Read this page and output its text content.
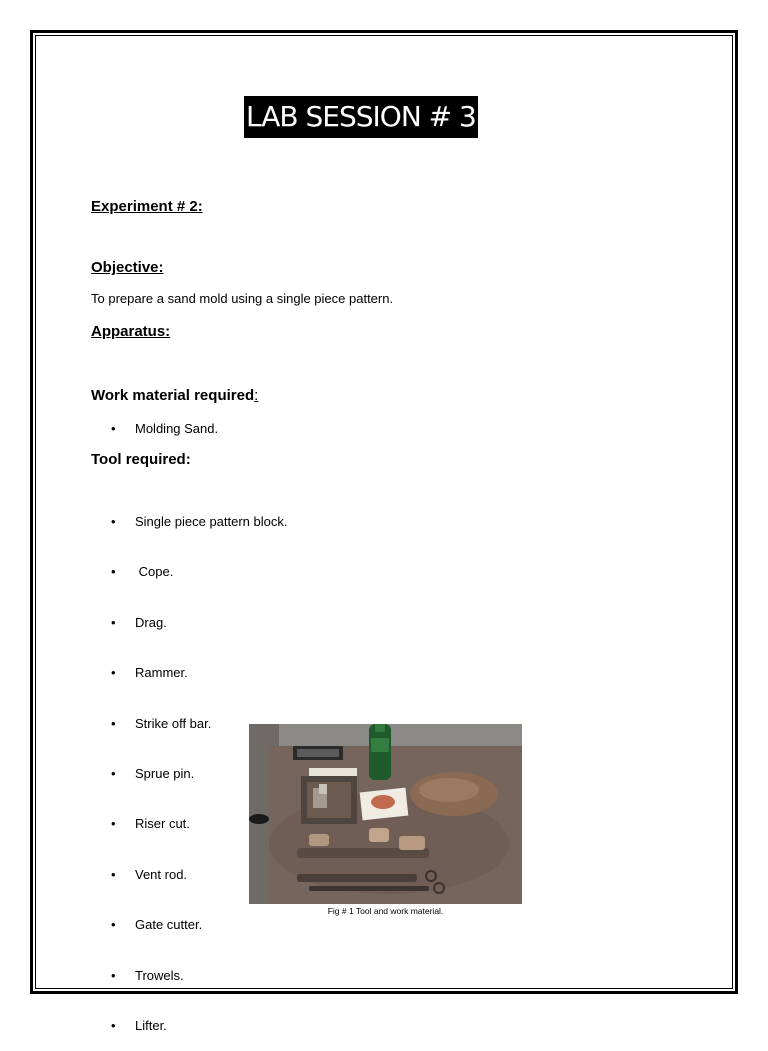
LAB SESSION # 3
Experiment # 2:
Objective:
To prepare a sand mold using a single piece pattern.
Apparatus:
Work material required:
• Molding Sand.
Tool required:

• Single piece pattern block.

•  Cope.

• Drag.

• Rammer.

• Strike off bar.

• Sprue pin.

• Riser cut.

• Vent rod.

• Gate cutter.

• Trowels.

• Lifter.

Fig # 1 Tool and work material.
